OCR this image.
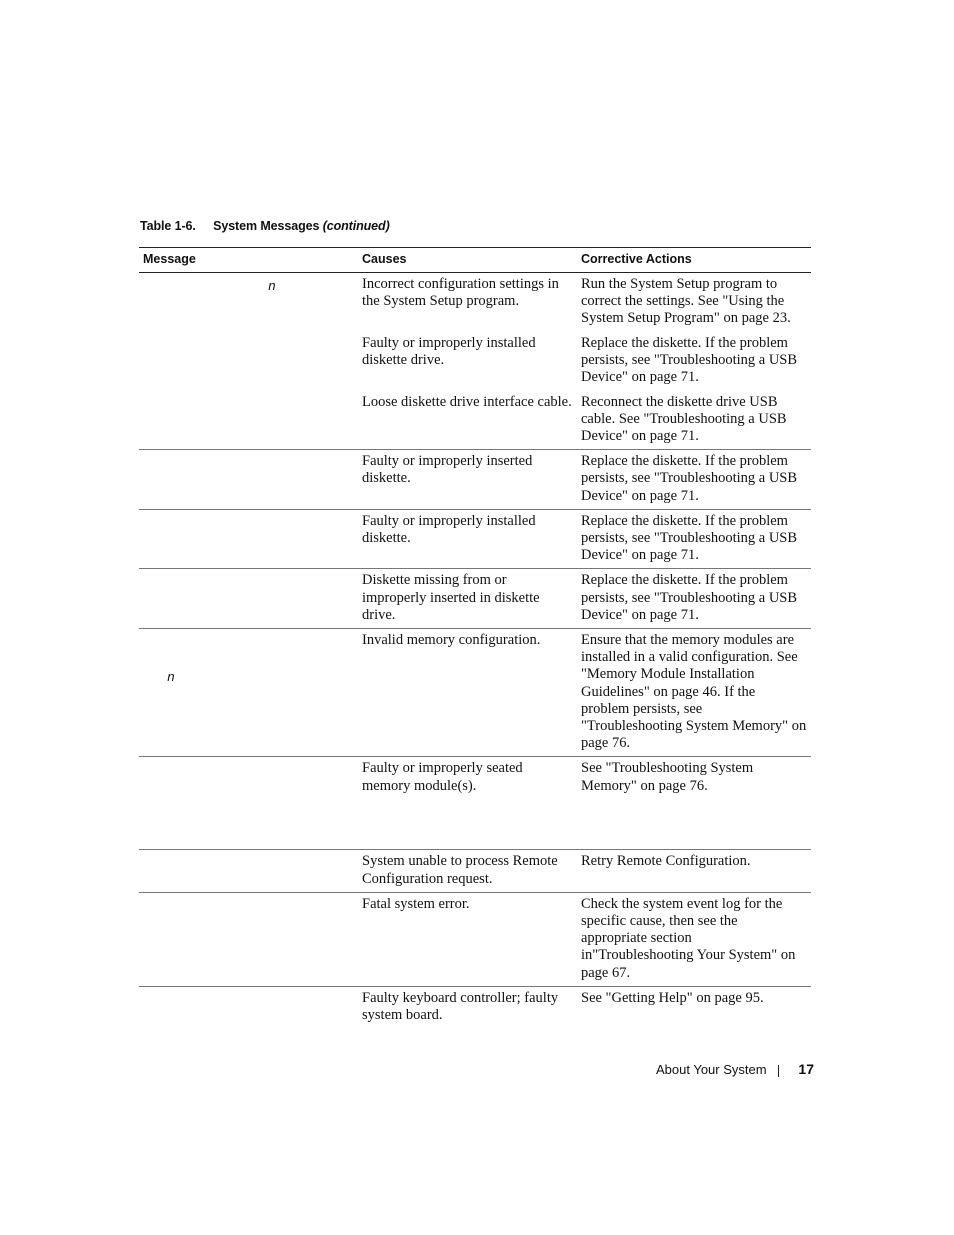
Table 1-6. System Messages (continued)
Message	Causes	Corrective Actions

n	Incorrect configuration settings in the System Setup program.	Run the System Setup program to correct the settings. See "Using the System Setup Program" on page 23.
	Faulty or improperly installed diskette drive.	Replace the diskette. If the problem persists, see "Troubleshooting a USB Device" on page 71.
	Loose diskette drive interface cable.	Reconnect the diskette drive USB cable. See "Troubleshooting a USB Device" on page 71.
	Faulty or improperly inserted diskette.	Replace the diskette. If the problem persists, see "Troubleshooting a USB Device" on page 71.
	Faulty or improperly installed diskette.	Replace the diskette. If the problem persists, see "Troubleshooting a USB Device" on page 71.
	Diskette missing from or improperly inserted in diskette drive.	Replace the diskette. If the problem persists, see "Troubleshooting a USB Device" on page 71.

n	Invalid memory configuration.	Ensure that the memory modules are installed in a valid configuration. See "Memory Module Installation Guidelines" on page 46. If the problem persists, see "Troubleshooting System Memory" on page 76.
	Faulty or improperly seated memory module(s).	See "Troubleshooting System Memory" on page 76.
	System unable to process Remote Configuration request.	Retry Remote Configuration.
	Fatal system error.	Check the system event log for the specific cause, then see the appropriate section in"Troubleshooting Your System" on page 67.
	Faulty keyboard controller; faulty system board.	See "Getting Help" on page 95.
About Your System 17
